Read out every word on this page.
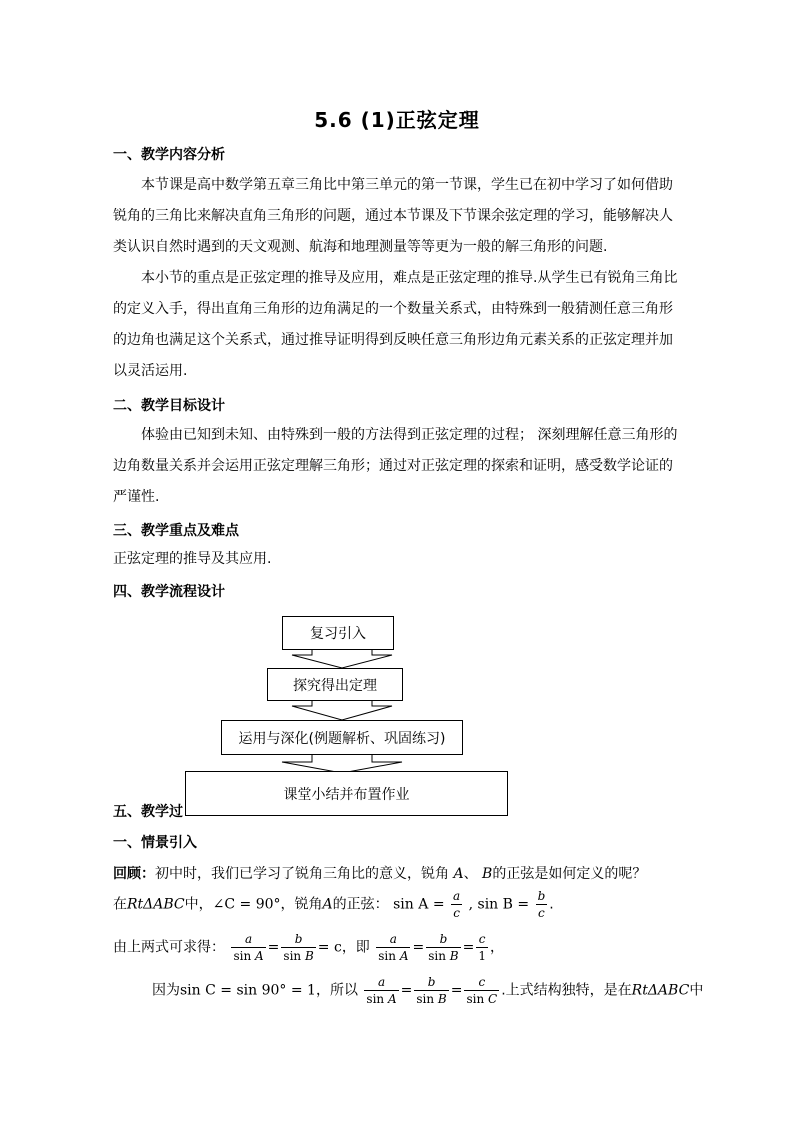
5.6 (1)正弦定理
一、教学内容分析
本节课是高中数学第五章三角比中第三单元的第一节课，学生已在初中学习了如何借助锐角的三角比来解决直角三角形的问题，通过本节课及下节课余弦定理的学习，能够解决人类认识自然时遇到的天文观测、航海和地理测量等等更为一般的解三角形的问题.
本小节的重点是正弦定理的推导及应用，难点是正弦定理的推导.从学生已有锐角三角比的定义入手，得出直角三角形的边角满足的一个数量关系式，由特殊到一般猜测任意三角形的边角也满足这个关系式，通过推导证明得到反映任意三角形边角元素关系的正弦定理并加以灵活运用.
二、教学目标设计
体验由已知到未知、由特殊到一般的方法得到正弦定理的过程； 深刻理解任意三角形的边角数量关系并会运用正弦定理解三角形；通过对正弦定理的探索和证明，感受数学论证的严谨性.
三、教学重点及难点
正弦定理的推导及其应用.
四、教学流程设计
复习引入
探究得出定理
运用与深化(例题解析、巩固练习)
课堂小结并布置作业
五、教学过
一、情景引入
回顾：初中时，我们已学习了锐角三角比的意义，锐角 A、 B的正弦是如何定义的呢？
在RtΔABC中，∠C = 90°，锐角A的正弦： $\sin A = \frac{a}{c}$ , $\sin B = \frac{b}{c}$ .
由上两式可求得： $\frac{a}{\text{sin A}} = \frac{b}{\text{sin B}} = c$，即 $\frac{a}{\text{sin A}} = \frac{b}{\text{sin B}} = \frac{c}{1}$ ，
因为sin C = sin 90° = 1，所以 $\frac{a}{\text{sin A}} = \frac{b}{\text{sin B}} = \frac{c}{\text{sin C}}$ .上式结构独特，是在RtΔABC中
